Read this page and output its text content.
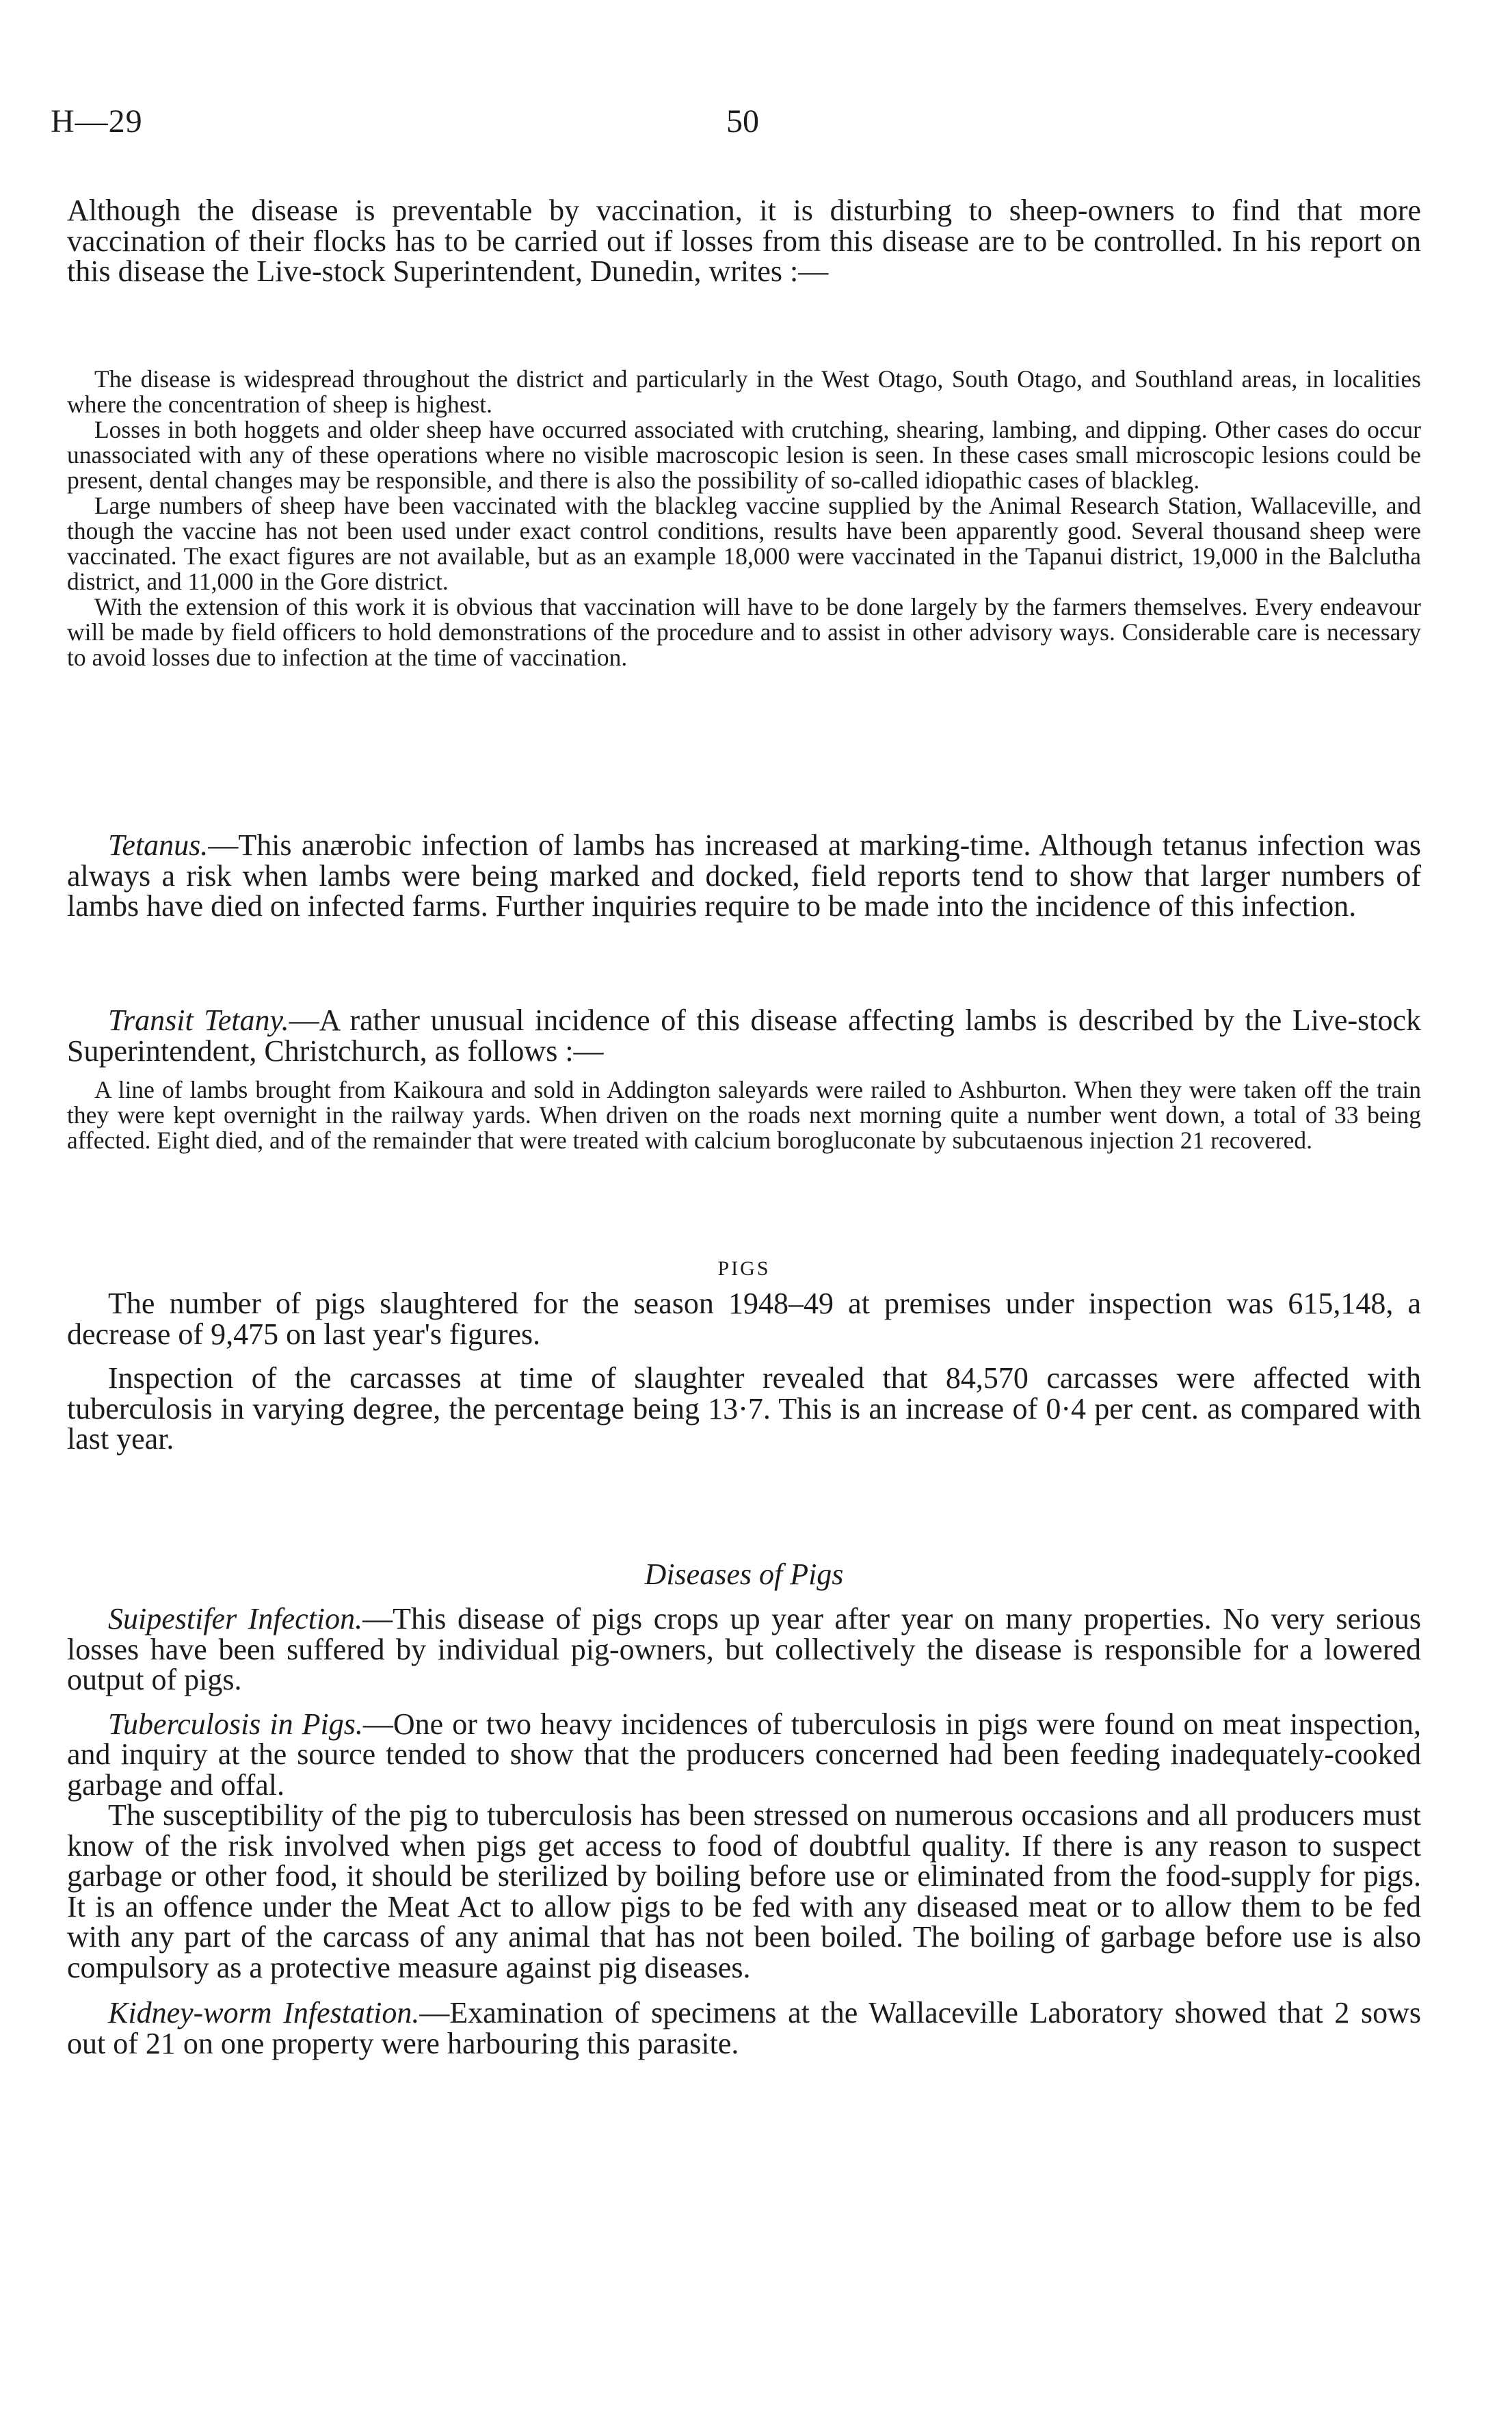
H—29	50

Although the disease is preventable by vaccination, it is disturbing to sheep-owners to find that more vaccination of their flocks has to be carried out if losses from this disease are to be controlled. In his report on this disease the Live-stock Superintendent, Dunedin, writes :—

The disease is widespread throughout the district and particularly in the West Otago, South Otago, and Southland areas, in localities where the concentration of sheep is highest.

Losses in both hoggets and older sheep have occurred associated with crutching, shearing, lambing, and dipping. Other cases do occur unassociated with any of these operations where no visible macroscopic lesion is seen. In these cases small microscopic lesions could be present, dental changes may be responsible, and there is also the possibility of so-called idiopathic cases of blackleg.

Large numbers of sheep have been vaccinated with the blackleg vaccine supplied by the Animal Research Station, Wallaceville, and though the vaccine has not been used under exact control conditions, results have been apparently good. Several thousand sheep were vaccinated. The exact figures are not available, but as an example 18,000 were vaccinated in the Tapanui district, 19,000 in the Balclutha district, and 11,000 in the Gore district.

With the extension of this work it is obvious that vaccination will have to be done largely by the farmers themselves. Every endeavour will be made by field officers to hold demonstrations of the procedure and to assist in other advisory ways. Considerable care is necessary to avoid losses due to infection at the time of vaccination.

Tetanus.—This anærobic infection of lambs has increased at marking-time. Although tetanus infection was always a risk when lambs were being marked and docked, field reports tend to show that larger numbers of lambs have died on infected farms. Further inquiries require to be made into the incidence of this infection.

Transit Tetany.—A rather unusual incidence of this disease affecting lambs is described by the Live-stock Superintendent, Christchurch, as follows :—

A line of lambs brought from Kaikoura and sold in Addington saleyards were railed to Ashburton. When they were taken off the train they were kept overnight in the railway yards. When driven on the roads next morning quite a number went down, a total of 33 being affected. Eight died, and of the remainder that were treated with calcium borogluconate by subcutaenous injection 21 recovered.

PIGS

The number of pigs slaughtered for the season 1948–49 at premises under inspection was 615,148, a decrease of 9,475 on last year's figures.

Inspection of the carcasses at time of slaughter revealed that 84,570 carcasses were affected with tuberculosis in varying degree, the percentage being 13·7. This is an increase of 0·4 per cent. as compared with last year.

Diseases of Pigs

Suipestifer Infection.—This disease of pigs crops up year after year on many properties. No very serious losses have been suffered by individual pig-owners, but collectively the disease is responsible for a lowered output of pigs.

Tuberculosis in Pigs.—One or two heavy incidences of tuberculosis in pigs were found on meat inspection, and inquiry at the source tended to show that the producers concerned had been feeding inadequately-cooked garbage and offal.

The susceptibility of the pig to tuberculosis has been stressed on numerous occasions and all producers must know of the risk involved when pigs get access to food of doubtful quality. If there is any reason to suspect garbage or other food, it should be sterilized by boiling before use or eliminated from the food-supply for pigs. It is an offence under the Meat Act to allow pigs to be fed with any diseased meat or to allow them to be fed with any part of the carcass of any animal that has not been boiled. The boiling of garbage before use is also compulsory as a protective measure against pig diseases.

Kidney-worm Infestation.—Examination of specimens at the Wallaceville Laboratory showed that 2 sows out of 21 on one property were harbouring this parasite.
